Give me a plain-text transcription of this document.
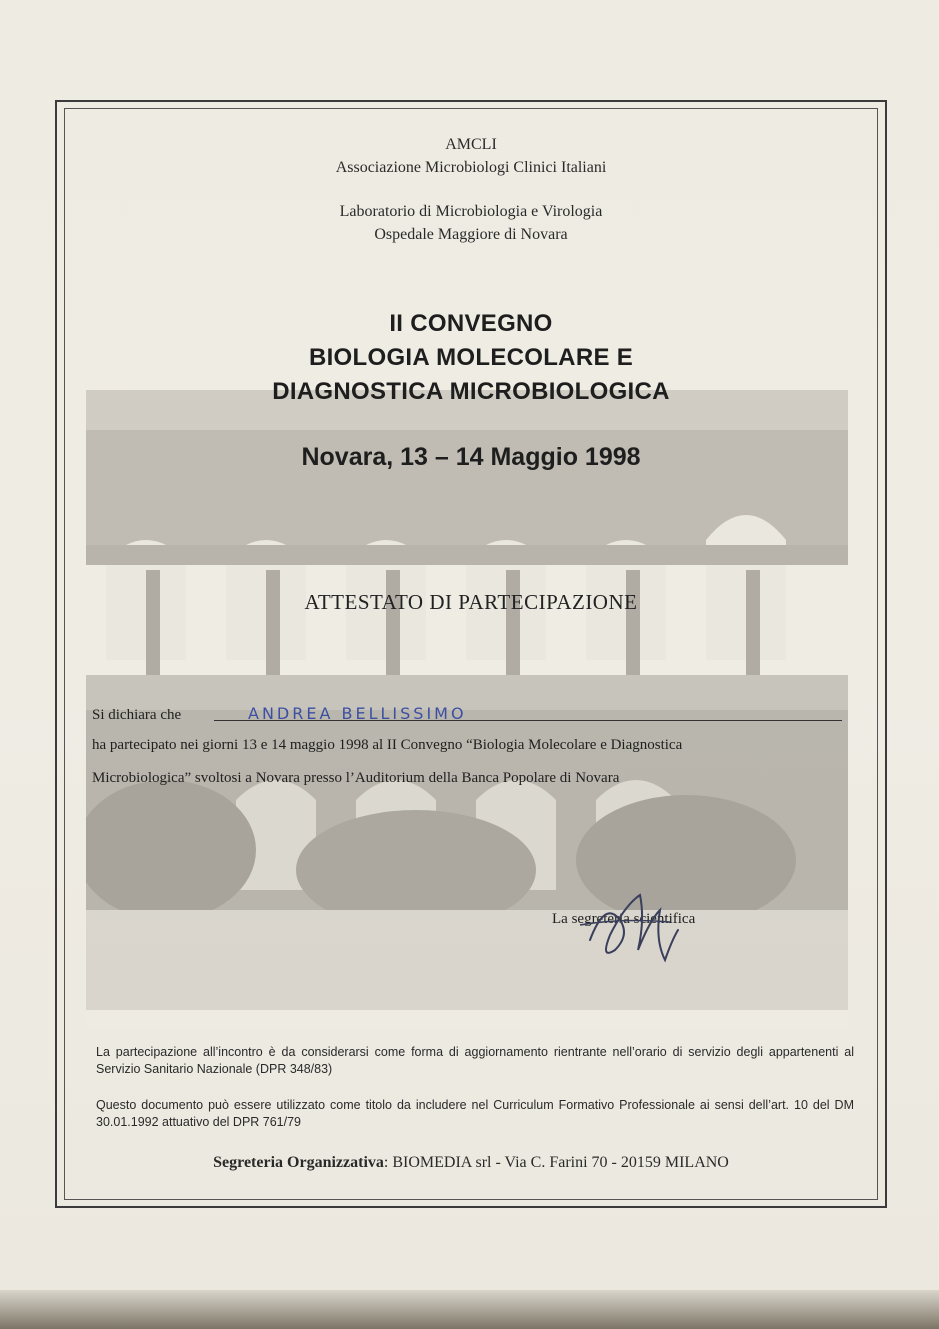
AMCLI
Associazione Microbiologi Clinici Italiani
Laboratorio di Microbiologia e Virologia
Ospedale Maggiore di Novara
II CONVEGNO
BIOLOGIA MOLECOLARE E
DIAGNOSTICA MICROBIOLOGICA
Novara, 13 – 14 Maggio 1998
ATTESTATO DI PARTECIPAZIONE
Si dichiara che	ANDREA BELLISSIMO
ha partecipato nei giorni 13 e 14 maggio 1998 al II Convegno “Biologia Molecolare e Diagnostica
Microbiologica” svoltosi a Novara presso l’Auditorium della Banca Popolare di Novara
La segreteria scientifica
La partecipazione all’incontro è da considerarsi come forma di aggiornamento rientrante nell’orario di servizio degli appartenenti al Servizio Sanitario Nazionale (DPR 348/83)
Questo documento può essere utilizzato come titolo da includere nel Curriculum Formativo Professionale ai sensi dell’art. 10 del DM 30.01.1992 attuativo del DPR 761/79
Segreteria Organizzativa: BIOMEDIA srl - Via C. Farini 70 - 20159 MILANO
